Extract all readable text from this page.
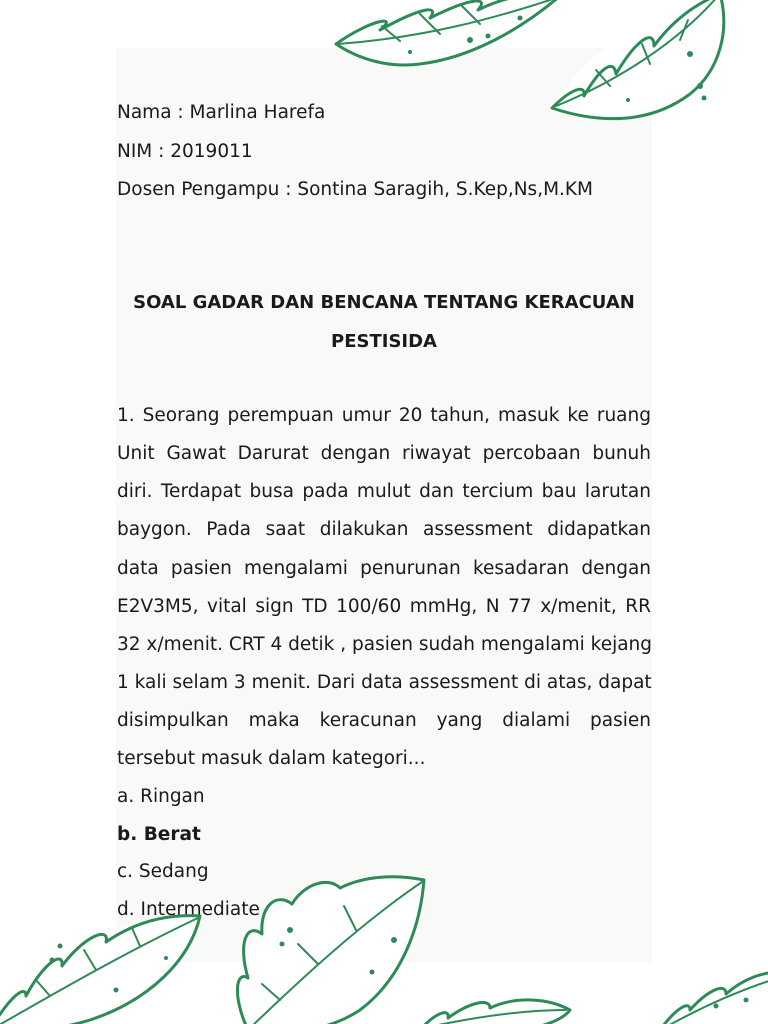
Nama : Marlina Harefa
NIM : 2019011
Dosen Pengampu : Sontina Saragih, S.Kep,Ns,M.KM
SOAL GADAR DAN BENCANA TENTANG KERACUAN
PESTISIDA
1. Seorang perempuan umur 20 tahun, masuk ke ruang
Unit Gawat Darurat dengan riwayat percobaan bunuh
diri. Terdapat busa pada mulut dan tercium bau larutan
baygon. Pada saat dilakukan assessment didapatkan
data pasien mengalami penurunan kesadaran dengan
E2V3M5, vital sign TD 100/60 mmHg, N 77 x/menit, RR
32 x/menit. CRT 4 detik , pasien sudah mengalami kejang
1 kali selam 3 menit. Dari data assessment di atas, dapat
disimpulkan maka keracunan yang dialami pasien
tersebut masuk dalam kategori...
a. Ringan
b. Berat
c. Sedang
d. Intermediate
